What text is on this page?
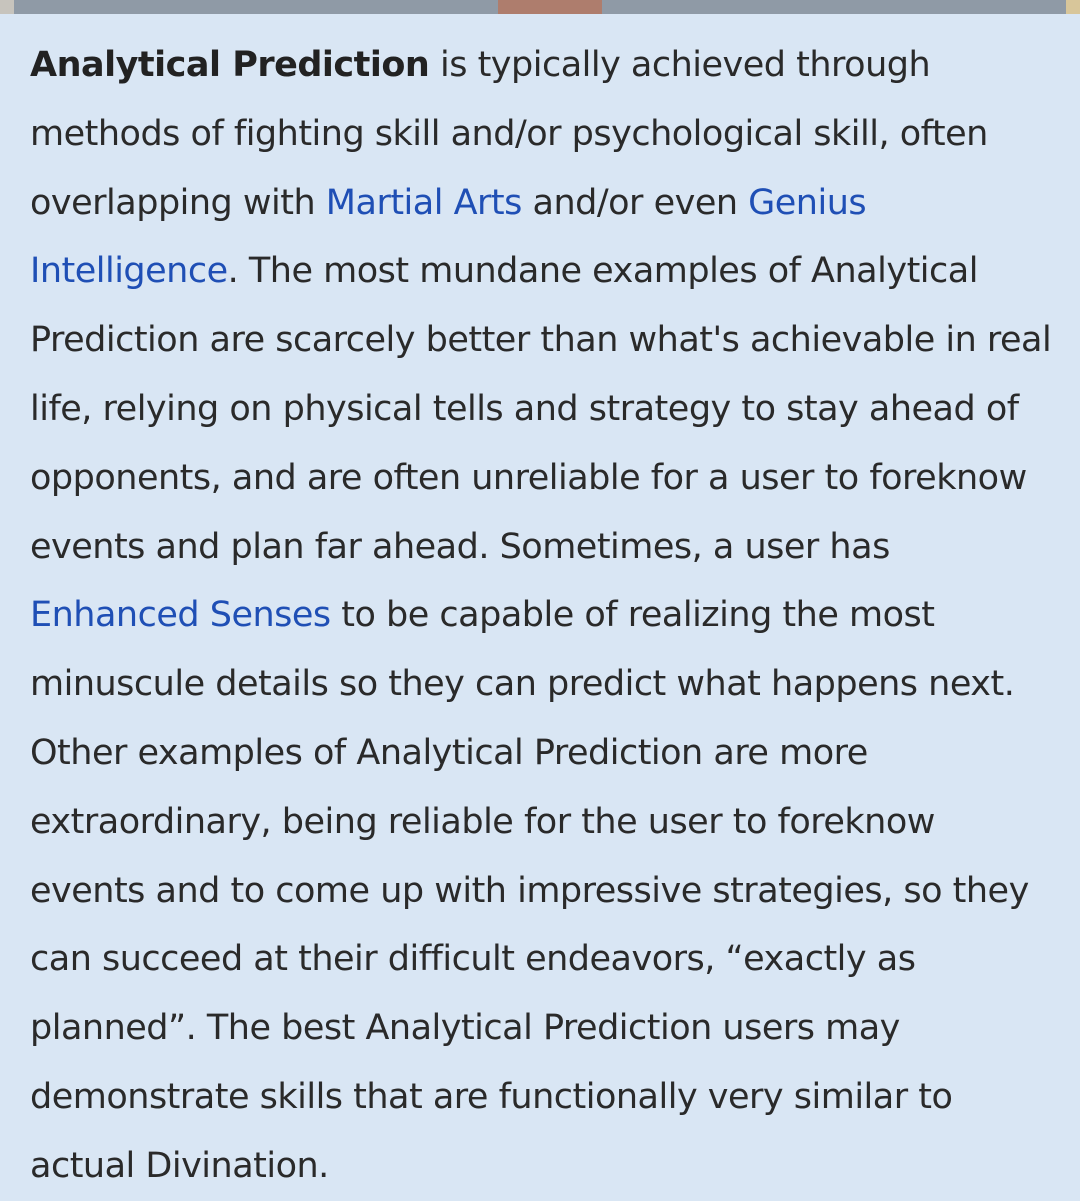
Analytical Prediction is typically achieved through methods of fighting skill and/or psychological skill, often overlapping with Martial Arts and/or even Genius Intelligence. The most mundane examples of Analytical Prediction are scarcely better than what's achievable in real life, relying on physical tells and strategy to stay ahead of opponents, and are often unreliable for a user to foreknow events and plan far ahead. Sometimes, a user has Enhanced Senses to be capable of realizing the most minuscule details so they can predict what happens next. Other examples of Analytical Prediction are more extraordinary, being reliable for the user to foreknow events and to come up with impressive strategies, so they can succeed at their difficult endeavors, “exactly as planned”. The best Analytical Prediction users may demonstrate skills that are functionally very similar to actual Divination.
